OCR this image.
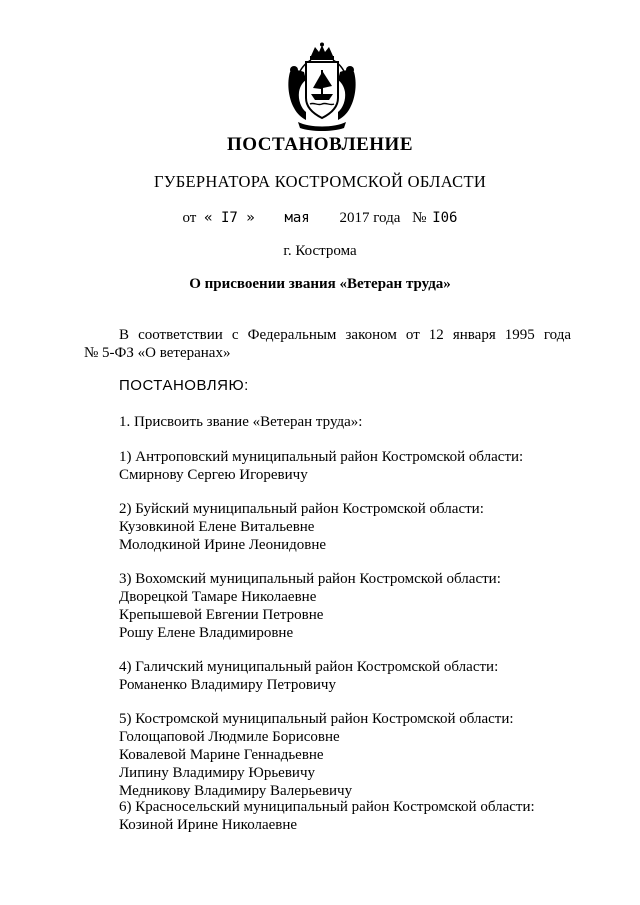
ПОСТАНОВЛЕНИЕ
ГУБЕРНАТОРА КОСТРОМСКОЙ ОБЛАСТИ
от « I7 » мая 2017 года № I06
г. Кострома
О присвоении звания «Ветеран труда»
В соответствии с Федеральным законом от 12 января 1995 года
№ 5-ФЗ «О ветеранах»
ПОСТАНОВЛЯЮ:
1. Присвоить звание «Ветеран труда»:
1) Антроповский муниципальный район Костромской области:
Смирнову Сергею Игоревичу
2) Буйский муниципальный район Костромской области:
Кузовкиной Елене Витальевне
Молодкиной Ирине Леонидовне
3) Вохомский муниципальный район Костромской области:
Дворецкой Тамаре Николаевне
Крепышевой Евгении Петровне
Рошу Елене Владимировне
4) Галичский муниципальный район Костромской области:
Романенко Владимиру Петровичу
5) Костромской муниципальный район Костромской области:
Голощаповой Людмиле Борисовне
Ковалевой Марине Геннадьевне
Липину Владимиру Юрьевичу
Медникову Владимиру Валерьевичу
6) Красносельский муниципальный район Костромской области:
Козиной Ирине Николаевне
